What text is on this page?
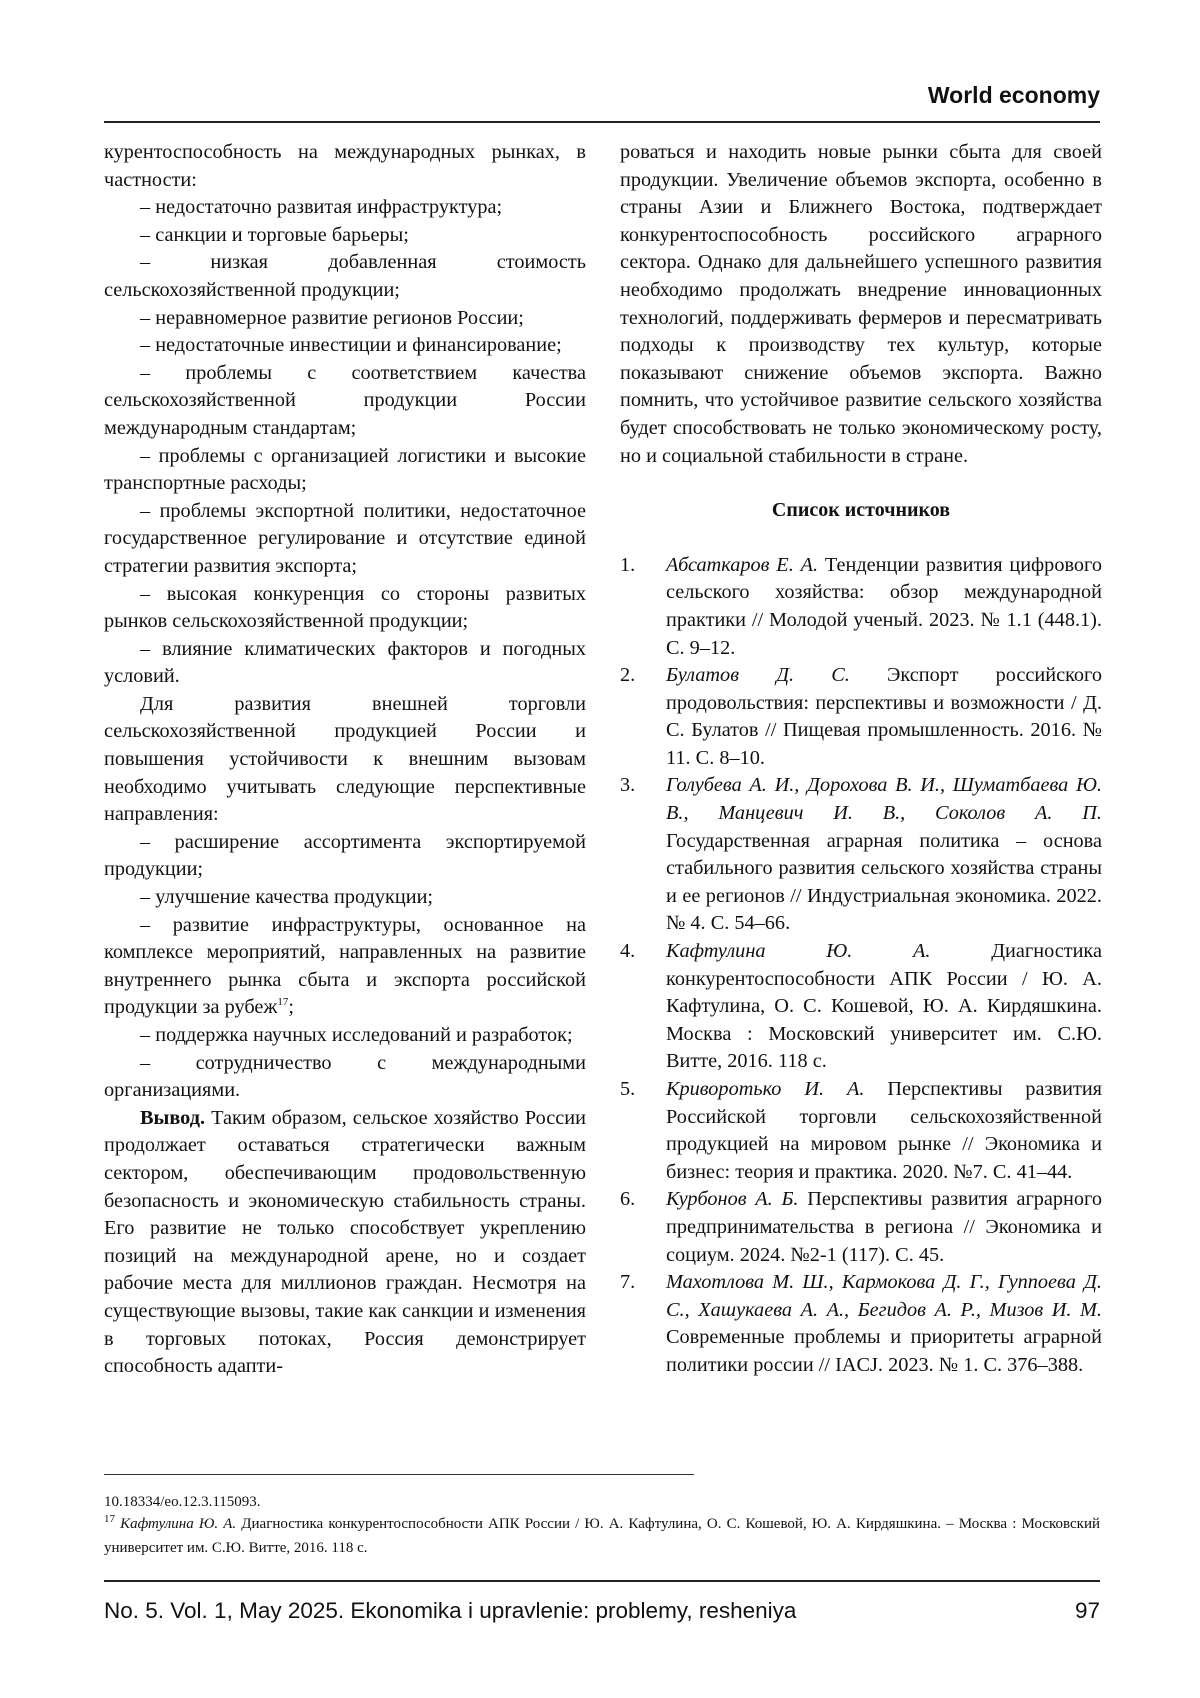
World economy

курентоспособность на международных рынках, в частности:

– недостаточно развитая инфраструктура;

– санкции и торговые барьеры;

– низкая добавленная стоимость сельскохозяйственной продукции;

– неравномерное развитие регионов России;

– недостаточные инвестиции и финансирование;

– проблемы с соответствием качества сельскохозяйственной продукции России международным стандартам;

– проблемы с организацией логистики и высокие транспортные расходы;

– проблемы экспортной политики, недостаточное государственное регулирование и отсутствие единой стратегии развития экспорта;

– высокая конкуренция со стороны развитых рынков сельскохозяйственной продукции;

– влияние климатических факторов и погодных условий.

Для развития внешней торговли сельскохозяйственной продукцией России и повышения устойчивости к внешним вызовам необходимо учитывать следующие перспективные направления:

– расширение ассортимента экспортируемой продукции;

– улучшение качества продукции;

– развитие инфраструктуры, основанное на комплексе мероприятий, направленных на развитие внутреннего рынка сбыта и экспорта российской продукции за рубеж17;

– поддержка научных исследований и разработок;

– сотрудничество с международными организациями.

Вывод. Таким образом, сельское хозяйство России продолжает оставаться стратегически важным сектором, обеспечивающим продовольственную безопасность и экономическую стабильность страны. Его развитие не только способствует укреплению позиций на международной арене, но и создает рабочие места для миллионов граждан. Несмотря на существующие вызовы, такие как санкции и изменения в торговых потоках, Россия демонстрирует способность адапти-

роваться и находить новые рынки сбыта для своей продукции. Увеличение объемов экспорта, особенно в страны Азии и Ближнего Востока, подтверждает конкурентоспособность российского аграрного сектора. Однако для дальнейшего успешного развития необходимо продолжать внедрение инновационных технологий, поддерживать фермеров и пересматривать подходы к производству тех культур, которые показывают снижение объемов экспорта. Важно помнить, что устойчивое развитие сельского хозяйства будет способствовать не только экономическому росту, но и социальной стабильности в стране.

Список источников
1.	Абсаткаров Е. А. Тенденции развития цифрового сельского хозяйства: обзор международной практики // Молодой ученый. 2023. № 1.1 (448.1). С. 9–12.
2.	Булатов Д. С. Экспорт российского продовольствия: перспективы и возможности / Д. С. Булатов // Пищевая промышленность. 2016. № 11. С. 8–10.
3.	Голубева А. И., Дорохова В. И., Шуматбаева Ю. В., Манцевич И. В., Соколов А. П. Государственная аграрная политика – основа стабильного развития сельского хозяйства страны и ее регионов // Индустриальная экономика. 2022. № 4. С. 54–66.
4.	Кафтулина Ю. А. Диагностика конкурентоспособности АПК России / Ю. А. Кафтулина, О. С. Кошевой, Ю. А. Кирдяшкина. Москва : Московский университет им. С.Ю. Витте, 2016. 118 с.
5.	Криворотько И. А. Перспективы развития Российской торговли сельскохозяйственной продукцией на мировом рынке // Экономика и бизнес: теория и практика. 2020. №7. С. 41–44.
6.	Курбонов А. Б. Перспективы развития аграрного предпринимательства в региона // Экономика и социум. 2024. №2-1 (117). С. 45.
7.	Махотлова М. Ш., Кармокова Д. Г., Гуппоева Д. С., Хашукаева А. А., Бегидов А. Р., Мизов И. М. Современные проблемы и приоритеты аграрной политики россии // IACJ. 2023. № 1. С. 376–388.
10.18334/eo.12.3.115093.
17 Кафтулина Ю. А. Диагностика конкурентоспособности АПК России / Ю. А. Кафтулина, О. С. Кошевой, Ю. А. Кирдяшкина. – Москва : Московский университет им. С.Ю. Витте, 2016. 118 с.
No. 5. Vol. 1, May 2025. Ekonomika i upravlenie: problemy, resheniya	97
